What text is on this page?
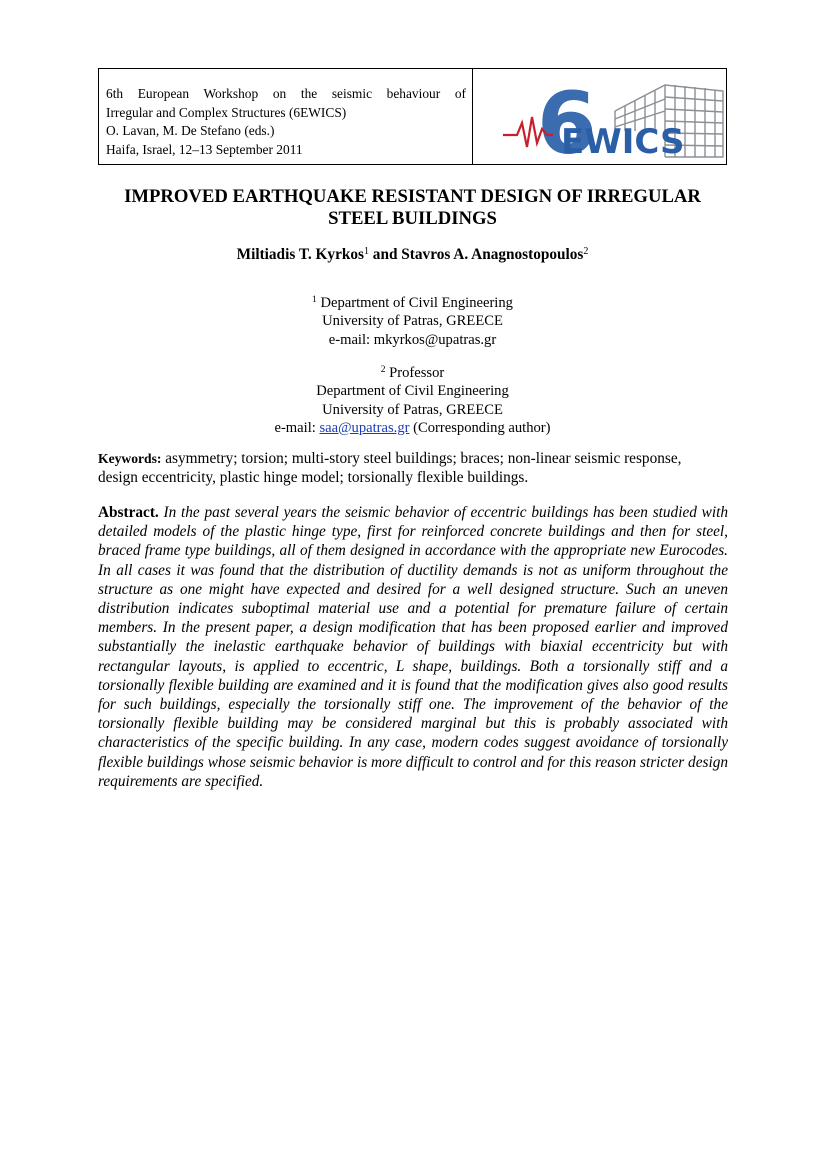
6th European Workshop on the seismic behaviour of
Irregular and Complex Structures (6EWICS)
O. Lavan, M. De Stefano (eds.)
Haifa, Israel, 12–13 September 2011	6
EWICS
IMPROVED EARTHQUAKE RESISTANT DESIGN OF IRREGULAR
STEEL BUILDINGS
Miltiadis T. Kyrkos$^1$ and Stavros A. Anagnostopoulos$^2$
$^1$ Department of Civil Engineering
University of Patras, GREECE
e-mail: mkyrkos@upatras.gr
$^2$ Professor
Department of Civil Engineering
University of Patras, GREECE
e-mail: saa@upatras.gr (Corresponding author)
Keywords: asymmetry; torsion; multi-story steel buildings; braces; non-linear seismic response, design eccentricity, plastic hinge model; torsionally flexible buildings.
Abstract. In the past several years the seismic behavior of eccentric buildings has been studied with detailed models of the plastic hinge type, first for reinforced concrete buildings and then for steel, braced frame type buildings, all of them designed in accordance with the appropriate new Eurocodes. In all cases it was found that the distribution of ductility demands is not as uniform throughout the structure as one might have expected and desired for a well designed structure. Such an uneven distribution indicates suboptimal material use and a potential for premature failure of certain members. In the present paper, a design modification that has been proposed earlier and improved substantially the inelastic earthquake behavior of buildings with biaxial eccentricity but with rectangular layouts, is applied to eccentric, L shape, buildings. Both a torsionally stiff and a torsionally flexible building are examined and it is found that the modification gives also good results for such buildings, especially the torsionally stiff one. The improvement of the behavior of the torsionally flexible building may be considered marginal but this is probably associated with characteristics of the specific building. In any case, modern codes suggest avoidance of torsionally flexible buildings whose seismic behavior is more difficult to control and for this reason stricter design requirements are specified.
